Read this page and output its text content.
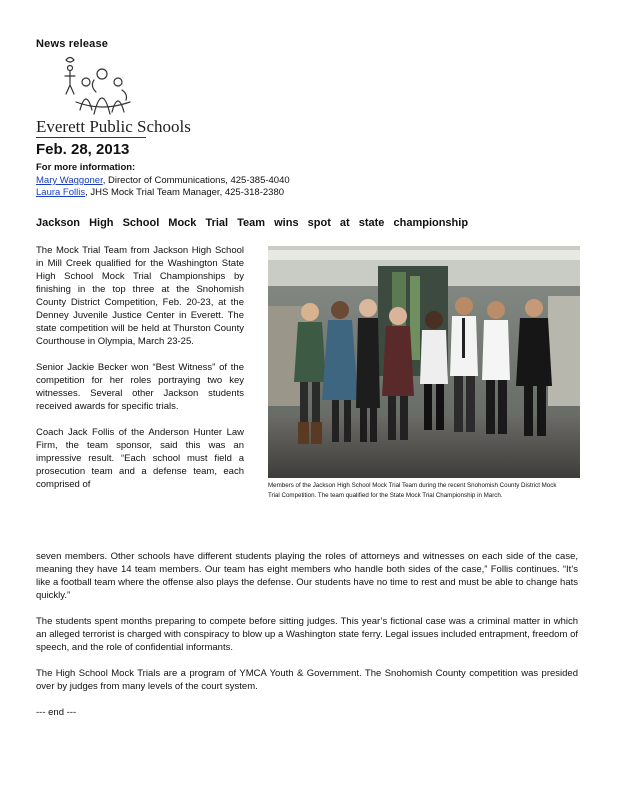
News release
Everett Public Schools
Feb. 28, 2013
For more information:
Mary Waggoner, Director of Communications, 425-385-4040
Laura Follis, JHS Mock Trial Team Manager, 425-318-2380
Jackson High School Mock Trial Team wins spot at state championship
Members of the Jackson High School Mock Trial Team during the recent Snohomish County District Mock Trial Competition. The team qualified for the State Mock Trial Championship in March.

The Mock Trial Team from Jackson High School in Mill Creek qualified for the Washington State High School Mock Trial Championships by finishing in the top three at the Snohomish County District Competition, Feb. 20-23, at the Denney Juvenile Justice Center in Everett. The state competition will be held at Thurston County Courthouse in Olympia, March 23-25.

Senior Jackie Becker won “Best Witness” of the competition for her roles portraying two key witnesses. Several other Jackson students received awards for specific trials.

Coach Jack Follis of the Anderson Hunter Law Firm, the team sponsor, said this was an impressive result. “Each school must field a prosecution team and a defense team, each comprised of

seven members. Other schools have different students playing the roles of attorneys and witnesses on each side of the case, meaning they have 14 team members. Our team has eight members who handle both sides of the case,” Follis continues. “It’s like a football team where the offense also plays the defense. Our students have no time to rest and must be able to change hats quickly.”

The students spent months preparing to compete before sitting judges. This year’s fictional case was a criminal matter in which an alleged terrorist is charged with conspiracy to blow up a Washington state ferry. Legal issues included entrapment, freedom of speech, and the role of confidential informants.

The High School Mock Trials are a program of YMCA Youth & Government. The Snohomish County competition was presided over by judges from many levels of the court system.

--- end ---
